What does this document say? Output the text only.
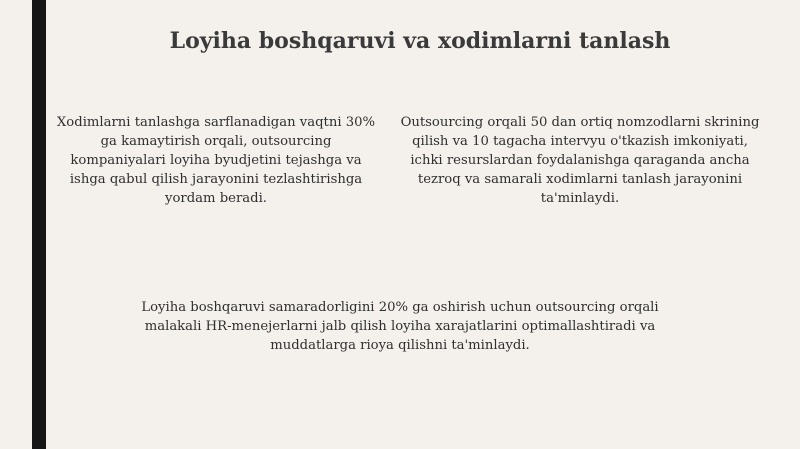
Loyiha boshqaruvi va xodimlarni tanlash

Xodimlarni tanlashga sarflanadigan vaqtni 30% ga kamaytirish orqali, outsourcing kompaniyalari loyiha byudjetini tejashga va ishga qabul qilish jarayonini tezlashtirishga yordam beradi.

Outsourcing orqali 50 dan ortiq nomzodlarni skrining qilish va 10 tagacha intervyu o'tkazish imkoniyati, ichki resurslardan foydalanishga qaraganda ancha tezroq va samarali xodimlarni tanlash jarayonini ta'minlaydi.

Loyiha boshqaruvi samaradorligini 20% ga oshirish uchun outsourcing orqali malakali HR-menejerlarni jalb qilish loyiha xarajatlarini optimallashtiradi va muddatlarga rioya qilishni ta'minlaydi.
